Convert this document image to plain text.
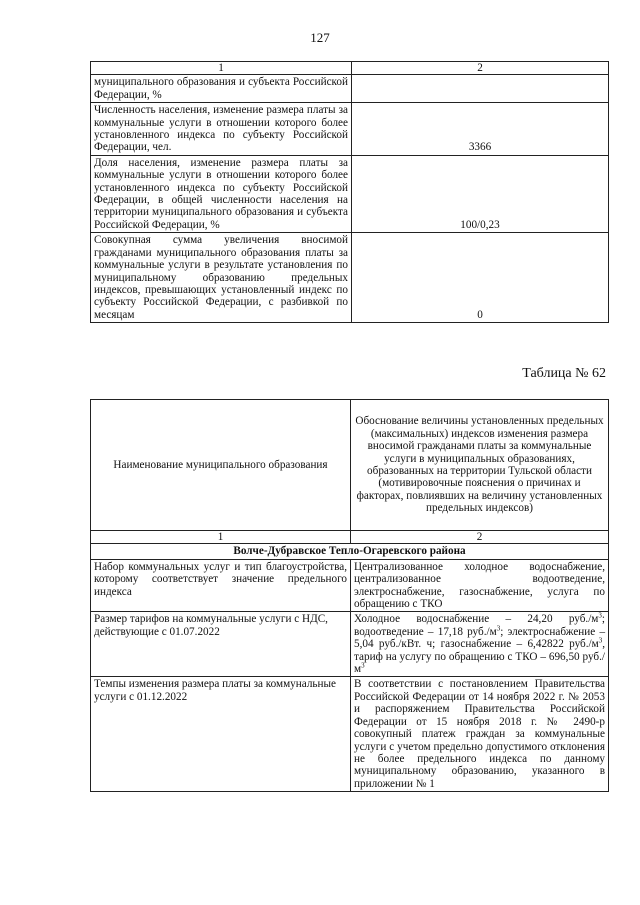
127
1	2
муниципального образования и субъекта Российской Федерации, %	
Численность населения, изменение размера платы за коммунальные услуги в отношении которого более установленного индекса по субъекту Российской Федерации, чел.	3366
Доля населения, изменение размера платы за коммунальные услуги в отношении которого более установленного индекса по субъекту Российской Федерации, в общей численности населения на территории муниципального образования и субъекта Российской Федерации, %	100/0,23
Совокупная сумма увеличения вносимой гражданами муниципального образования платы за коммунальные услуги в результате установления по муниципальному образованию предельных индексов, превышающих установленный индекс по субъекту Российской Федерации, с разбивкой по месяцам	0
Таблица № 62
Наименование муниципального образования	Обоснование величины установленных предельных (максимальных) индексов изменения размера вносимой гражданами платы за коммунальные услуги в муниципальных образованиях, образованных на территории Тульской области (мотивировочные пояснения о причинах и факторах, повлиявших на величину установленных предельных индексов)
1	2
Волче-Дубравское Тепло-Огаревского района	
Набор коммунальных услуг и тип благоустройства, которому соответствует значение предельного индекса	Централизованное холодное водоснабжение, централизованное водоотведение, электроснабжение, газоснабжение, услуга по обращению с ТКО
Размер тарифов на коммунальные услуги с НДС, действующие с 01.07.2022	Холодное водоснабжение – 24,20 $руб./м^3$; водоотведение – 17,18 $руб./м^3$; электроснабжение – 5,04 руб./кВт. ч; газоснабжение – 6,42822 $руб./м^3$, тариф на услугу по обращению с ТКО – 696,50 $руб./м^3$
Темпы изменения размера платы за коммунальные услуги с 01.12.2022	В соответствии с постановлением Правительства Российской Федерации от 14 ноября 2022 г. № 2053 и распоряжением Правительства Российской Федерации от 15 ноября 2018 г. № 2490-р совокупный платеж граждан за коммунальные услуги с учетом предельно допустимого отклонения не более предельного индекса по данному муниципальному образованию, указанного в приложении № 1
